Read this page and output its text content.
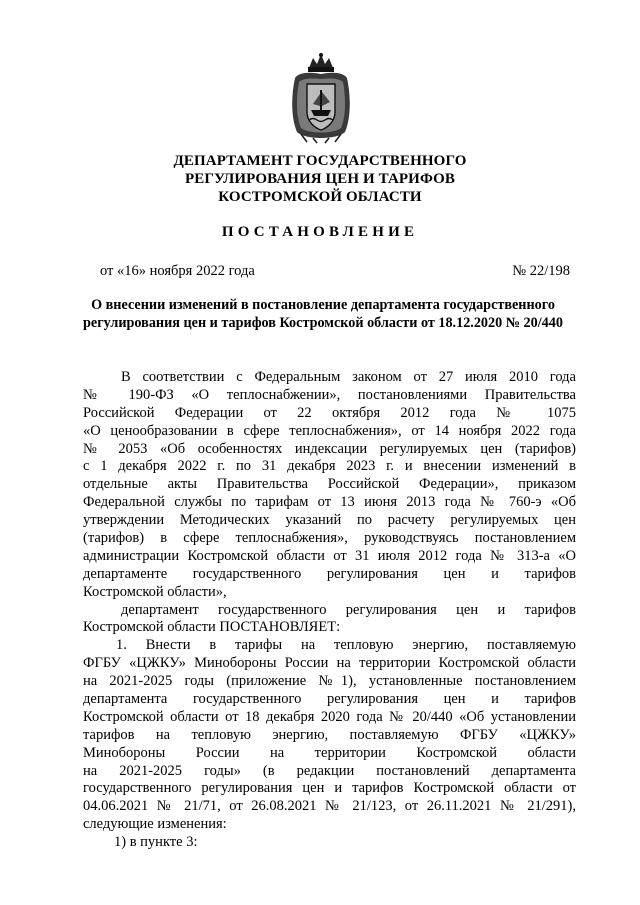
ДЕПАРТАМЕНТ ГОСУДАРСТВЕННОГО
РЕГУЛИРОВАНИЯ ЦЕН И ТАРИФОВ
КОСТРОМСКОЙ ОБЛАСТИ
ПОСТАНОВЛЕНИЕ
от «16» ноября 2022 года	№ 22/198
О внесении изменений в постановление департамента государственного
регулирования цен и тарифов Костромской области от 18.12.2020 № 20/440
В соответствии с Федеральным законом от 27 июля 2010 года
№ 190-ФЗ «О теплоснабжении», постановлениями Правительства
Российской Федерации от 22 октября 2012 года № 1075
«О ценообразовании в сфере теплоснабжения», от 14 ноября 2022 года
№ 2053 «Об особенностях индексации регулируемых цен (тарифов)
с 1 декабря 2022 г. по 31 декабря 2023 г. и внесении изменений в
отдельные акты Правительства Российской Федерации», приказом
Федеральной службы по тарифам от 13 июня 2013 года № 760-э «Об
утверждении Методических указаний по расчету регулируемых цен
(тарифов) в сфере теплоснабжения», руководствуясь постановлением
администрации Костромской области от 31 июля 2012 года № 313-а «О
департаменте государственного регулирования цен и тарифов
Костромской области»,
департамент государственного регулирования цен и тарифов
Костромской области ПОСТАНОВЛЯЕТ:
1. Внести в тарифы на тепловую энергию, поставляемую
ФГБУ «ЦЖКУ» Минобороны России на территории Костромской области
на 2021-2025 годы (приложение №1), установленные постановлением
департамента государственного регулирования цен и тарифов
Костромской области от 18 декабря 2020 года № 20/440 «Об установлении
тарифов на тепловую энергию, поставляемую ФГБУ «ЦЖКУ»
Минобороны России на территории Костромской области
на 2021-2025 годы» (в редакции постановлений департамента
государственного регулирования цен и тарифов Костромской области от
04.06.2021 № 21/71, от 26.08.2021 № 21/123, от 26.11.2021 № 21/291),
следующие изменения:
1) в пункте 3:
